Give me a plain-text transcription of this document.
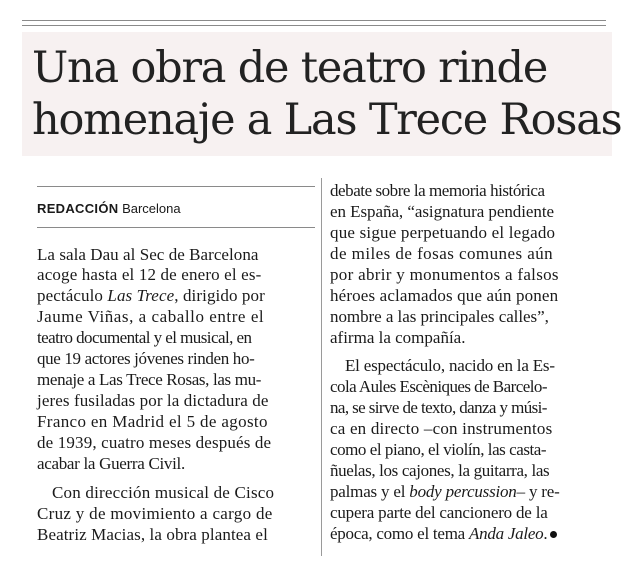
Una obra de teatro rinde
homenaje a Las Trece Rosas
REDACCIÓN Barcelona
La sala Dau al Sec de Barcelona
acoge hasta el 12 de enero el es-
pectáculo Las Trece, dirigido por
Jaume Viñas, a caballo entre el
teatro documental y el musical, en
que 19 actores jóvenes rinden ho-
menaje a Las Trece Rosas, las mu-
jeres fusiladas por la dictadura de
Franco en Madrid el 5 de agosto
de 1939, cuatro meses después de
acabar la Guerra Civil.
Con dirección musical de Cisco
Cruz y de movimiento a cargo de
Beatriz Macias, la obra plantea el
debate sobre la memoria histórica
en España, “asignatura pendiente
que sigue perpetuando el legado
de miles de fosas comunes aún
por abrir y monumentos a falsos
héroes aclamados que aún ponen
nombre a las principales calles”,
afirma la compañía.
El espectáculo, nacido en la Es-
cola Aules Escèniques de Barcelo-
na, se sirve de texto, danza y músi-
ca en directo –con instrumentos
como el piano, el violín, las casta-
ñuelas, los cajones, la guitarra, las
palmas y el body percussion– y re-
cupera parte del cancionero de la
época, como el tema Anda Jaleo.
